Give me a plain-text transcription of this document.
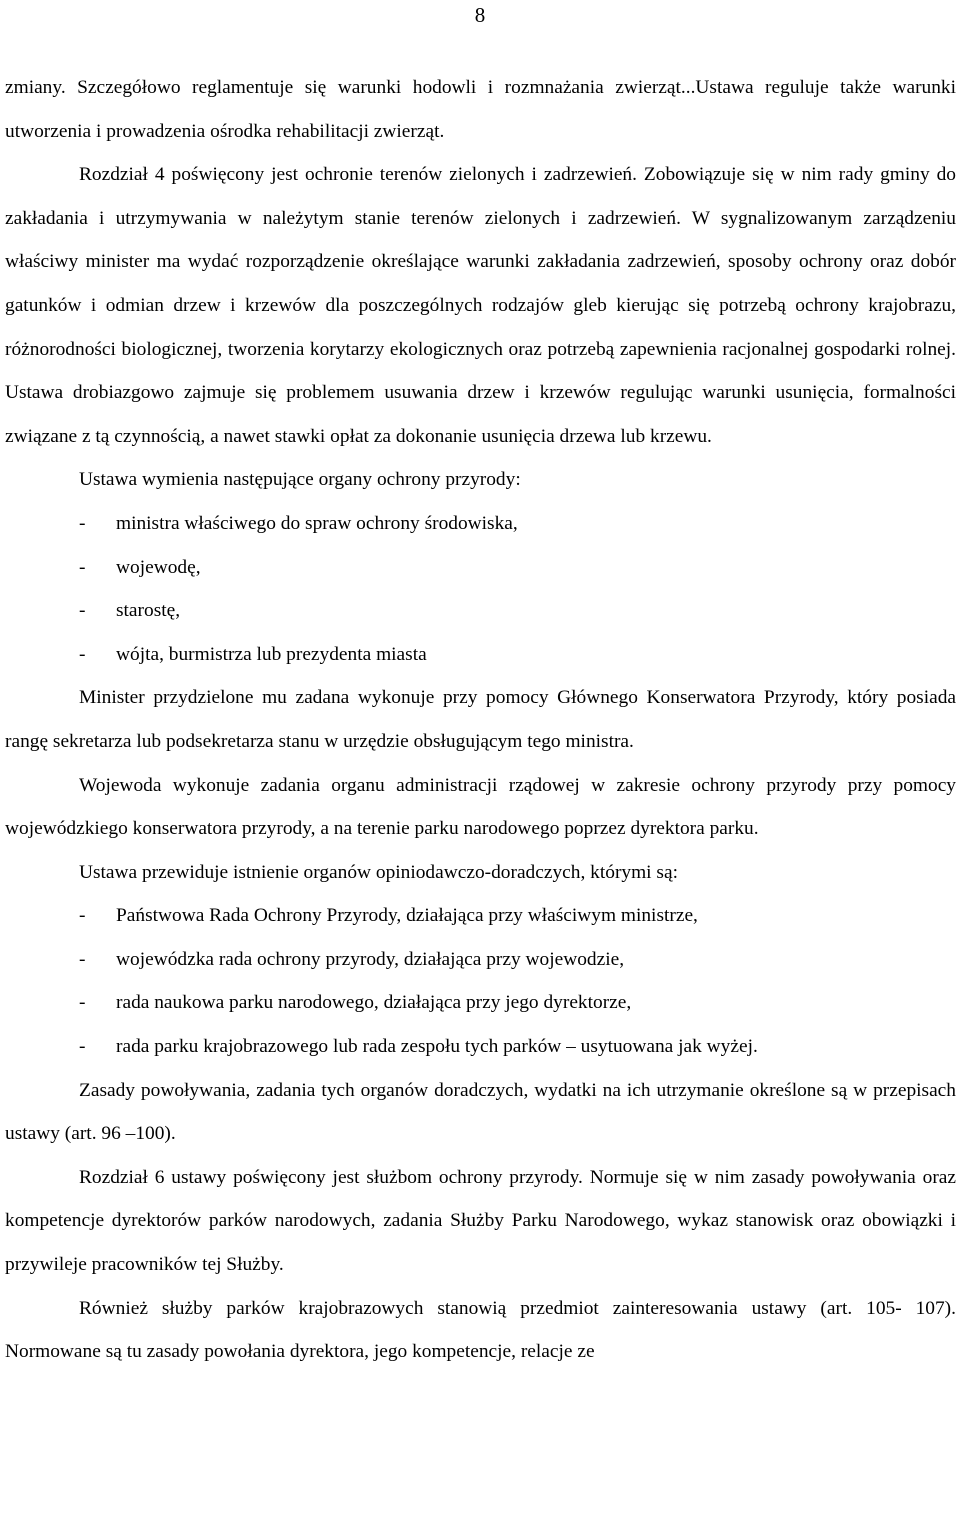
8

zmiany. Szczegółowo reglamentuje się warunki hodowli i rozmnażania zwierząt...Ustawa reguluje także warunki utworzenia i prowadzenia ośrodka rehabilitacji zwierząt.

Rozdział 4 poświęcony jest ochronie terenów zielonych i zadrzewień. Zobowiązuje się w nim rady gminy do zakładania i utrzymywania w należytym stanie terenów zielonych i zadrzewień. W sygnalizowanym zarządzeniu właściwy minister ma wydać rozporządzenie określające warunki zakładania zadrzewień, sposoby ochrony oraz dobór gatunków i odmian drzew i krzewów dla poszczególnych rodzajów gleb kierując się potrzebą ochrony krajobrazu, różnorodności biologicznej, tworzenia korytarzy ekologicznych oraz potrzebą zapewnienia racjonalnej gospodarki rolnej. Ustawa drobiazgowo zajmuje się problemem usuwania drzew i krzewów regulując warunki usunięcia, formalności związane z tą czynnością, a nawet stawki opłat za dokonanie usunięcia drzewa lub krzewu.

Ustawa wymienia następujące organy ochrony przyrody:

-	ministra właściwego do spraw ochrony środowiska,
-	wojewodę,
-	starostę,
-	wójta, burmistrza lub prezydenta miasta

Minister przydzielone mu zadana wykonuje przy pomocy Głównego Konserwatora Przyrody, który posiada rangę sekretarza lub podsekretarza stanu w urzędzie obsługującym tego ministra.

Wojewoda wykonuje zadania organu administracji rządowej w zakresie ochrony przyrody przy pomocy wojewódzkiego konserwatora przyrody, a na terenie parku narodowego poprzez dyrektora parku.

Ustawa przewiduje istnienie organów opiniodawczo-doradczych, którymi są:

-	Państwowa Rada Ochrony Przyrody, działająca przy właściwym ministrze,
-	wojewódzka rada ochrony przyrody, działająca przy wojewodzie,
-	rada naukowa parku narodowego, działająca przy jego dyrektorze,
-	rada parku krajobrazowego lub rada zespołu tych parków – usytuowana jak wyżej.

Zasady powoływania, zadania tych organów doradczych, wydatki na ich utrzymanie określone są w przepisach ustawy (art. 96 –100).

Rozdział 6 ustawy poświęcony jest służbom ochrony przyrody. Normuje się w nim zasady powoływania oraz kompetencje dyrektorów parków narodowych, zadania Służby Parku Narodowego, wykaz stanowisk oraz obowiązki i przywileje pracowników tej Służby.

Również służby parków krajobrazowych stanowią przedmiot zainteresowania ustawy (art. 105- 107). Normowane są tu zasady powołania dyrektora, jego kompetencje, relacje ze
